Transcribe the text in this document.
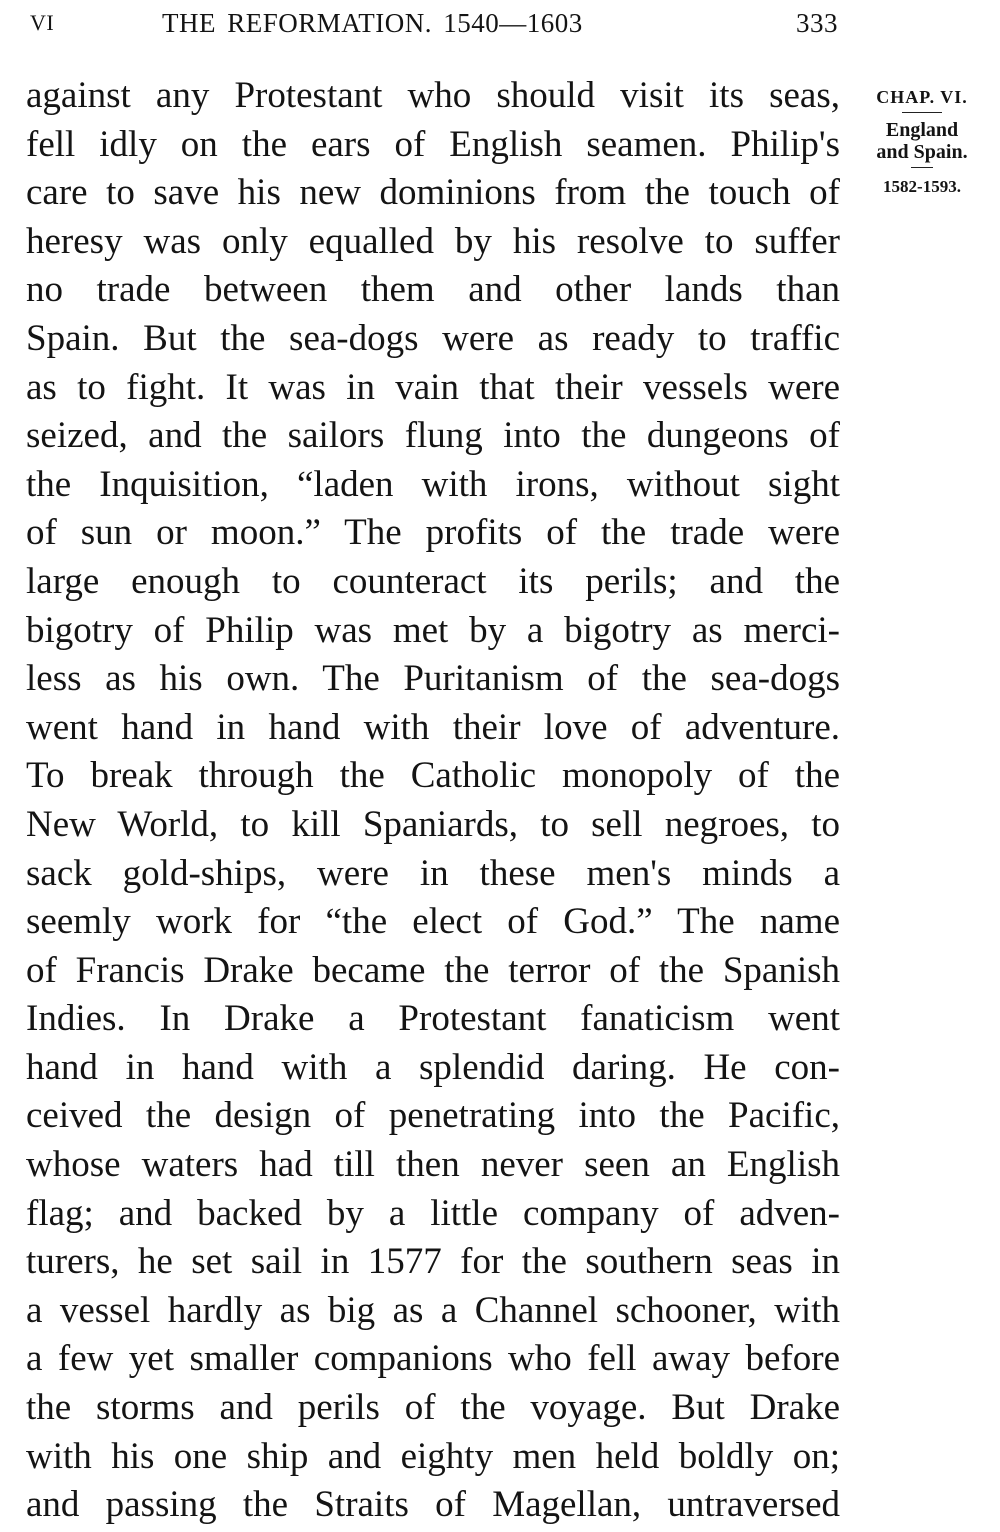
VI	THE REFORMATION. 1540—1603	333
against any Protestant who should visit its seas,
fell idly on the ears of English seamen. Philip's
care to save his new dominions from the touch of
heresy was only equalled by his resolve to suffer
no trade between them and other lands than
Spain. But the sea-dogs were as ready to traffic
as to fight. It was in vain that their vessels were
seized, and the sailors flung into the dungeons of
the Inquisition, “laden with irons, without sight
of sun or moon.” The profits of the trade were
large enough to counteract its perils; and the
bigotry of Philip was met by a bigotry as merci-
less as his own. The Puritanism of the sea-dogs
went hand in hand with their love of adventure.
To break through the Catholic monopoly of the
New World, to kill Spaniards, to sell negroes, to
sack gold-ships, were in these men's minds a
seemly work for “the elect of God.” The name
of Francis Drake became the terror of the Spanish
Indies. In Drake a Protestant fanaticism went
hand in hand with a splendid daring. He con-
ceived the design of penetrating into the Pacific,
whose waters had till then never seen an English
flag; and backed by a little company of adven-
turers, he set sail in 1577 for the southern seas in
a vessel hardly as big as a Channel schooner, with
a few yet smaller companions who fell away before
the storms and perils of the voyage. But Drake
with his one ship and eighty men held boldly on;
and passing the Straits of Magellan, untraversed
CHAP. VI.
England
and Spain.
1582-1593.
